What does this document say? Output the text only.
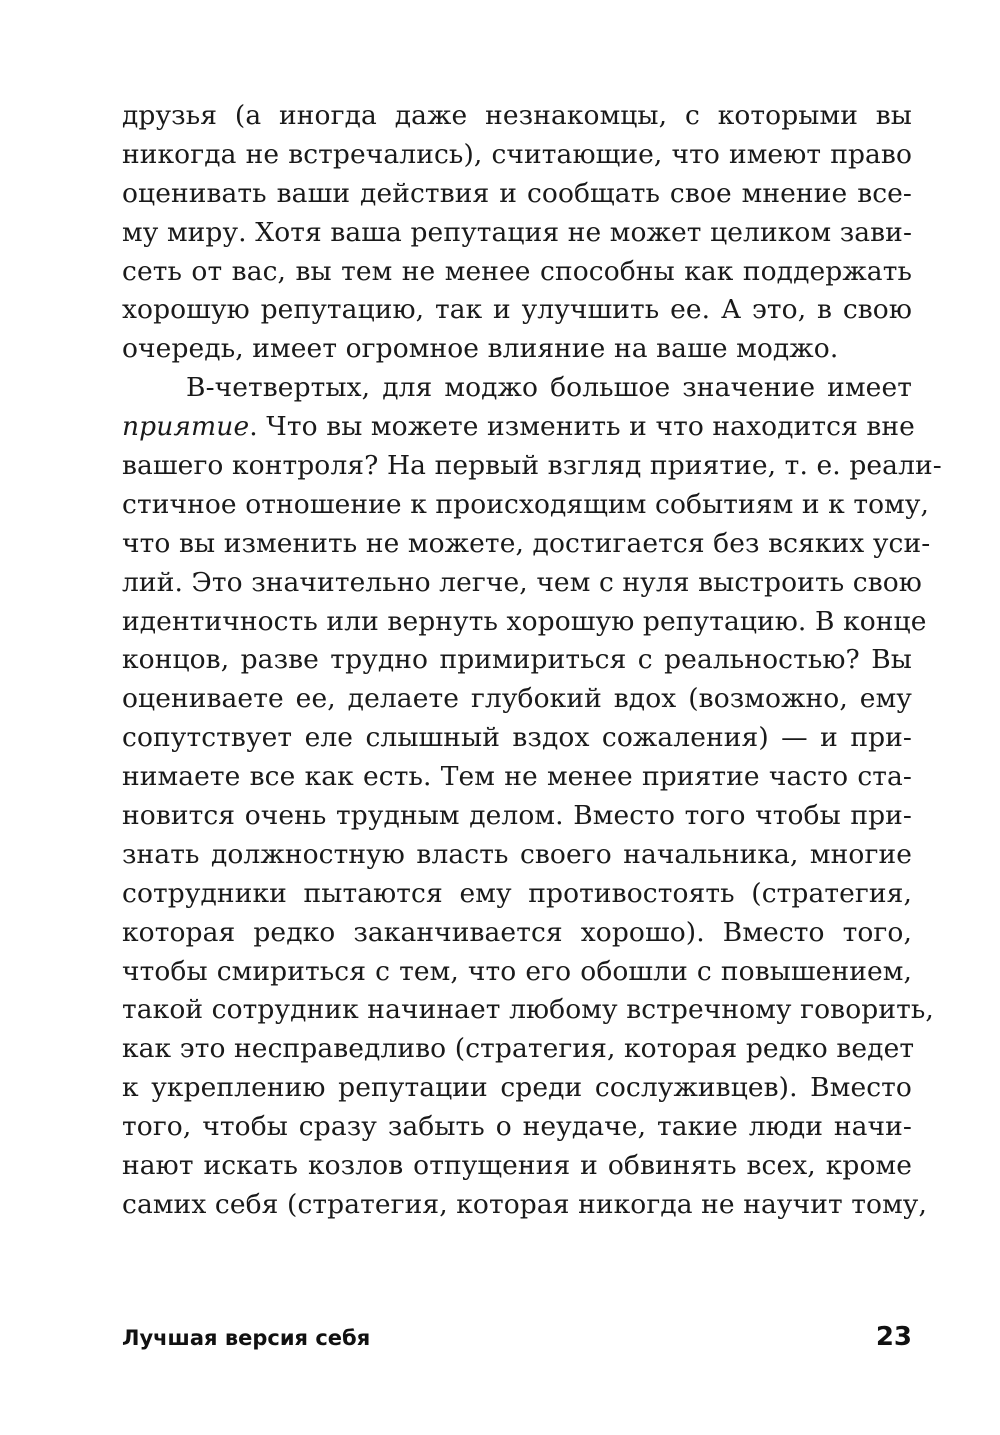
друзья (а иногда даже незнакомцы, с которыми вы
никогда не встречались), считающие, что имеют право
оценивать ваши действия и сообщать свое мнение все-
му миру. Хотя ваша репутация не может целиком зави-
сеть от вас, вы тем не менее способны как поддержать
хорошую репутацию, так и улучшить ее. А это, в свою
очередь, имеет огромное влияние на ваше моджо.
В-четвертых, для моджо большое значение имеет
приятие. Что вы можете изменить и что находится вне
вашего контроля? На первый взгляд приятие, т. е. реали-
стичное отношение к происходящим событиям и к тому,
что вы изменить не можете, достигается без всяких уси-
лий. Это значительно легче, чем с нуля выстроить свою
идентичность или вернуть хорошую репутацию. В конце
концов, разве трудно примириться с реальностью? Вы
оцениваете ее, делаете глубокий вдох (возможно, ему
сопутствует еле слышный вздох сожаления) — и при-
нимаете все как есть. Тем не менее приятие часто ста-
новится очень трудным делом. Вместо того чтобы при-
знать должностную власть своего начальника, многие
сотрудники пытаются ему противостоять (стратегия,
которая редко заканчивается хорошо). Вместо того,
чтобы смириться с тем, что его обошли с повышением,
такой сотрудник начинает любому встречному говорить,
как это несправедливо (стратегия, которая редко ведет
к укреплению репутации среди сослуживцев). Вместо
того, чтобы сразу забыть о неудаче, такие люди начи-
нают искать козлов отпущения и обвинять всех, кроме
самих себя (стратегия, которая никогда не научит тому,
Лучшая версия себя	23
